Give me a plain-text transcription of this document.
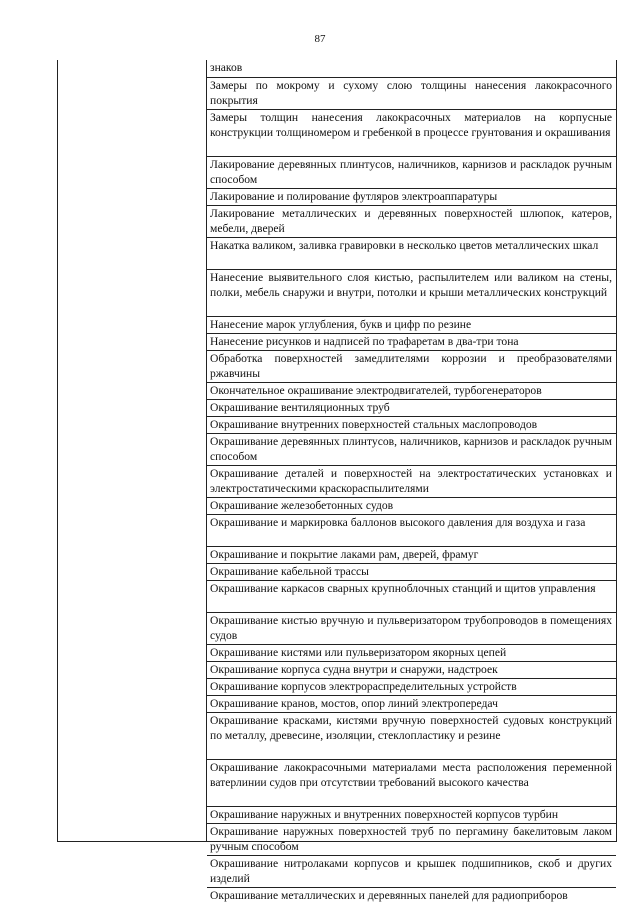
87
знаков
Замеры по мокрому и сухому слою толщины нанесения лакокрасочного покрытия
Замеры толщин нанесения лакокрасочных материалов на корпусные конструкции толщиномером и гребенкой в процессе грунтования и окрашивания
Лакирование деревянных плинтусов, наличников, карнизов и раскладок ручным способом
Лакирование и полирование футляров электроаппаратуры
Лакирование металлических и деревянных поверхностей шлюпок, катеров, мебели, дверей
Накатка валиком, заливка гравировки в несколько цветов металлических шкал
Нанесение выявительного слоя кистью, распылителем или валиком на стены, полки, мебель снаружи и внутри, потолки и крыши металлических конструкций
Нанесение марок углубления, букв и цифр по резине
Нанесение рисунков и надписей по трафаретам в два-три тона
Обработка поверхностей замедлителями коррозии и преобразователями ржавчины
Окончательное окрашивание электродвигателей, турбогенераторов
Окрашивание вентиляционных труб
Окрашивание внутренних поверхностей стальных маслопроводов
Окрашивание деревянных плинтусов, наличников, карнизов и раскладок ручным способом
Окрашивание деталей и поверхностей на электростатических установках и электростатическими краскораспылителями
Окрашивание железобетонных судов
Окрашивание и маркировка баллонов высокого давления для воздуха и газа
Окрашивание и покрытие лаками рам, дверей, фрамуг
Окрашивание кабельной трассы
Окрашивание каркасов сварных крупноблочных станций и щитов управления
Окрашивание кистью вручную и пульверизатором трубопроводов в помещениях судов
Окрашивание кистями или пульверизатором якорных цепей
Окрашивание корпуса судна внутри и снаружи, надстроек
Окрашивание корпусов электрораспределительных устройств
Окрашивание кранов, мостов, опор линий электропередач
Окрашивание красками, кистями вручную поверхностей судовых конструкций по металлу, древесине, изоляции, стеклопластику и резине
Окрашивание лакокрасочными материалами места расположения переменной ватерлинии судов при отсутствии требований высокого качества
Окрашивание наружных и внутренних поверхностей корпусов турбин
Окрашивание наружных поверхностей труб по пергамину бакелитовым лаком ручным способом
Окрашивание нитролаками корпусов и крышек подшипников, скоб и других изделий
Окрашивание металлических и деревянных панелей для радиоприборов
